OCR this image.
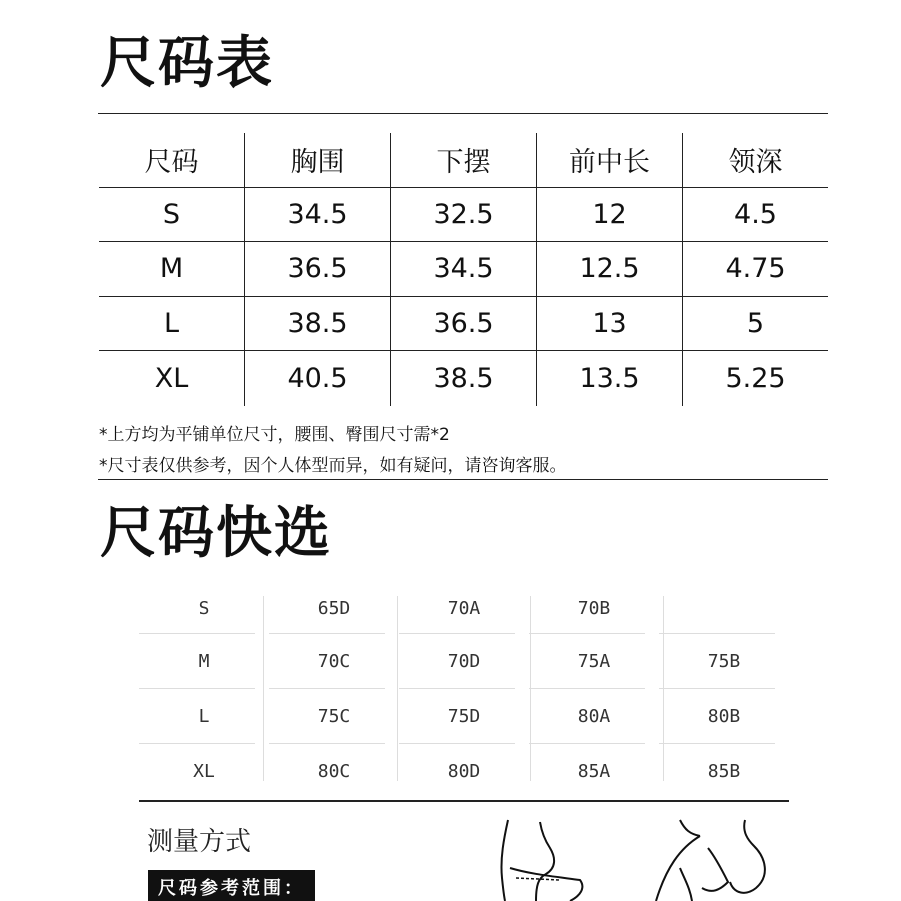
尺码表
尺码	胸围	下摆	前中长	领深
S	34.5	32.5	12	4.5
M	36.5	34.5	12.5	4.75
L	38.5	36.5	13	5
XL	40.5	38.5	13.5	5.25
*上方均为平铺单位尺寸，腰围、臀围尺寸需*2
*尺寸表仅供参考，因个人体型而异，如有疑问，请咨询客服。
尺码快选
S	65D	70A	70B
M	70C	70D	75A	75B
L	75C	75D	80A	80B
XL	80C	80D	85A	85B
测量方式
尺码参考范围：
